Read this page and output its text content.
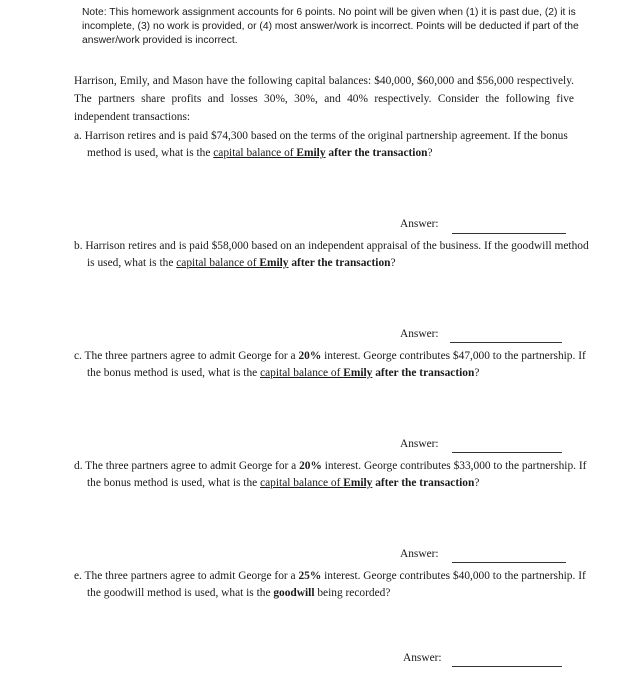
Note: This homework assignment accounts for 6 points. No point will be given when (1) it is past due, (2) it is incomplete, (3) no work is provided, or (4) most answer/work is incorrect. Points will be deducted if part of the answer/work provided is incorrect.
Harrison, Emily, and Mason have the following capital balances: $40,000, $60,000 and $56,000 respectively. The partners share profits and losses 30%, 30%, and 40% respectively. Consider the following five independent transactions:
a. Harrison retires and is paid $74,300 based on the terms of the original partnership agreement. If the bonus method is used, what is the capital balance of Emily after the transaction?
Answer:
b. Harrison retires and is paid $58,000 based on an independent appraisal of the business. If the goodwill method is used, what is the capital balance of Emily after the transaction?
Answer:
c. The three partners agree to admit George for a 20% interest. George contributes $47,000 to the partnership. If the bonus method is used, what is the capital balance of Emily after the transaction?
Answer:
d. The three partners agree to admit George for a 20% interest. George contributes $33,000 to the partnership. If the bonus method is used, what is the capital balance of Emily after the transaction?
Answer:
e. The three partners agree to admit George for a 25% interest. George contributes $40,000 to the partnership. If the goodwill method is used, what is the goodwill being recorded?
Answer:
